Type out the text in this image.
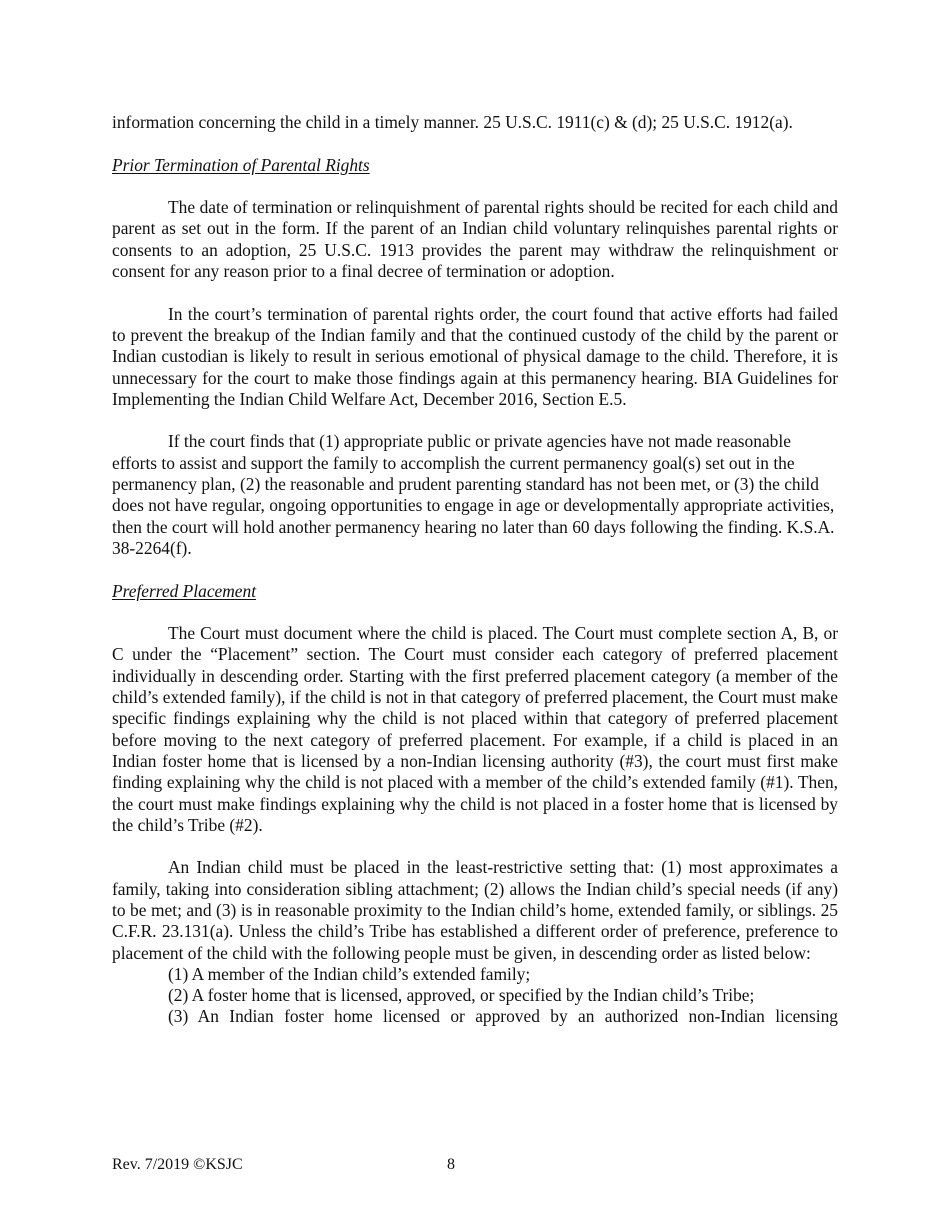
information concerning the child in a timely manner. 25 U.S.C. 1911(c) & (d); 25 U.S.C. 1912(a).

Prior Termination of Parental Rights

The date of termination or relinquishment of parental rights should be recited for each child and parent as set out in the form. If the parent of an Indian child voluntary relinquishes parental rights or consents to an adoption, 25 U.S.C. 1913 provides the parent may withdraw the relinquishment or consent for any reason prior to a final decree of termination or adoption.

In the court’s termination of parental rights order, the court found that active efforts had failed to prevent the breakup of the Indian family and that the continued custody of the child by the parent or Indian custodian is likely to result in serious emotional of physical damage to the child. Therefore, it is unnecessary for the court to make those findings again at this permanency hearing. BIA Guidelines for Implementing the Indian Child Welfare Act, December 2016, Section E.5.

If the court finds that (1) appropriate public or private agencies have not made reasonable efforts to assist and support the family to accomplish the current permanency goal(s) set out in the permanency plan, (2) the reasonable and prudent parenting standard has not been met, or (3) the child does not have regular, ongoing opportunities to engage in age or developmentally appropriate activities, then the court will hold another permanency hearing no later than 60 days following the finding. K.S.A. 38-2264(f).

Preferred Placement

The Court must document where the child is placed. The Court must complete section A, B, or C under the “Placement” section. The Court must consider each category of preferred placement individually in descending order. Starting with the first preferred placement category (a member of the child’s extended family), if the child is not in that category of preferred placement, the Court must make specific findings explaining why the child is not placed within that category of preferred placement before moving to the next category of preferred placement. For example, if a child is placed in an Indian foster home that is licensed by a non-Indian licensing authority (#3), the court must first make finding explaining why the child is not placed with a member of the child’s extended family (#1). Then, the court must make findings explaining why the child is not placed in a foster home that is licensed by the child’s Tribe (#2).

An Indian child must be placed in the least-restrictive setting that: (1) most approximates a family, taking into consideration sibling attachment; (2) allows the Indian child’s special needs (if any) to be met; and (3) is in reasonable proximity to the Indian child’s home, extended family, or siblings. 25 C.F.R. 23.131(a). Unless the child’s Tribe has established a different order of preference, preference to placement of the child with the following people must be given, in descending order as listed below:

(1) A member of the Indian child’s extended family;
(2) A foster home that is licensed, approved, or specified by the Indian child’s Tribe;
(3) An Indian foster home licensed or approved by an authorized non-Indian licensing
Rev. 7/2019 ©KSJC	8
